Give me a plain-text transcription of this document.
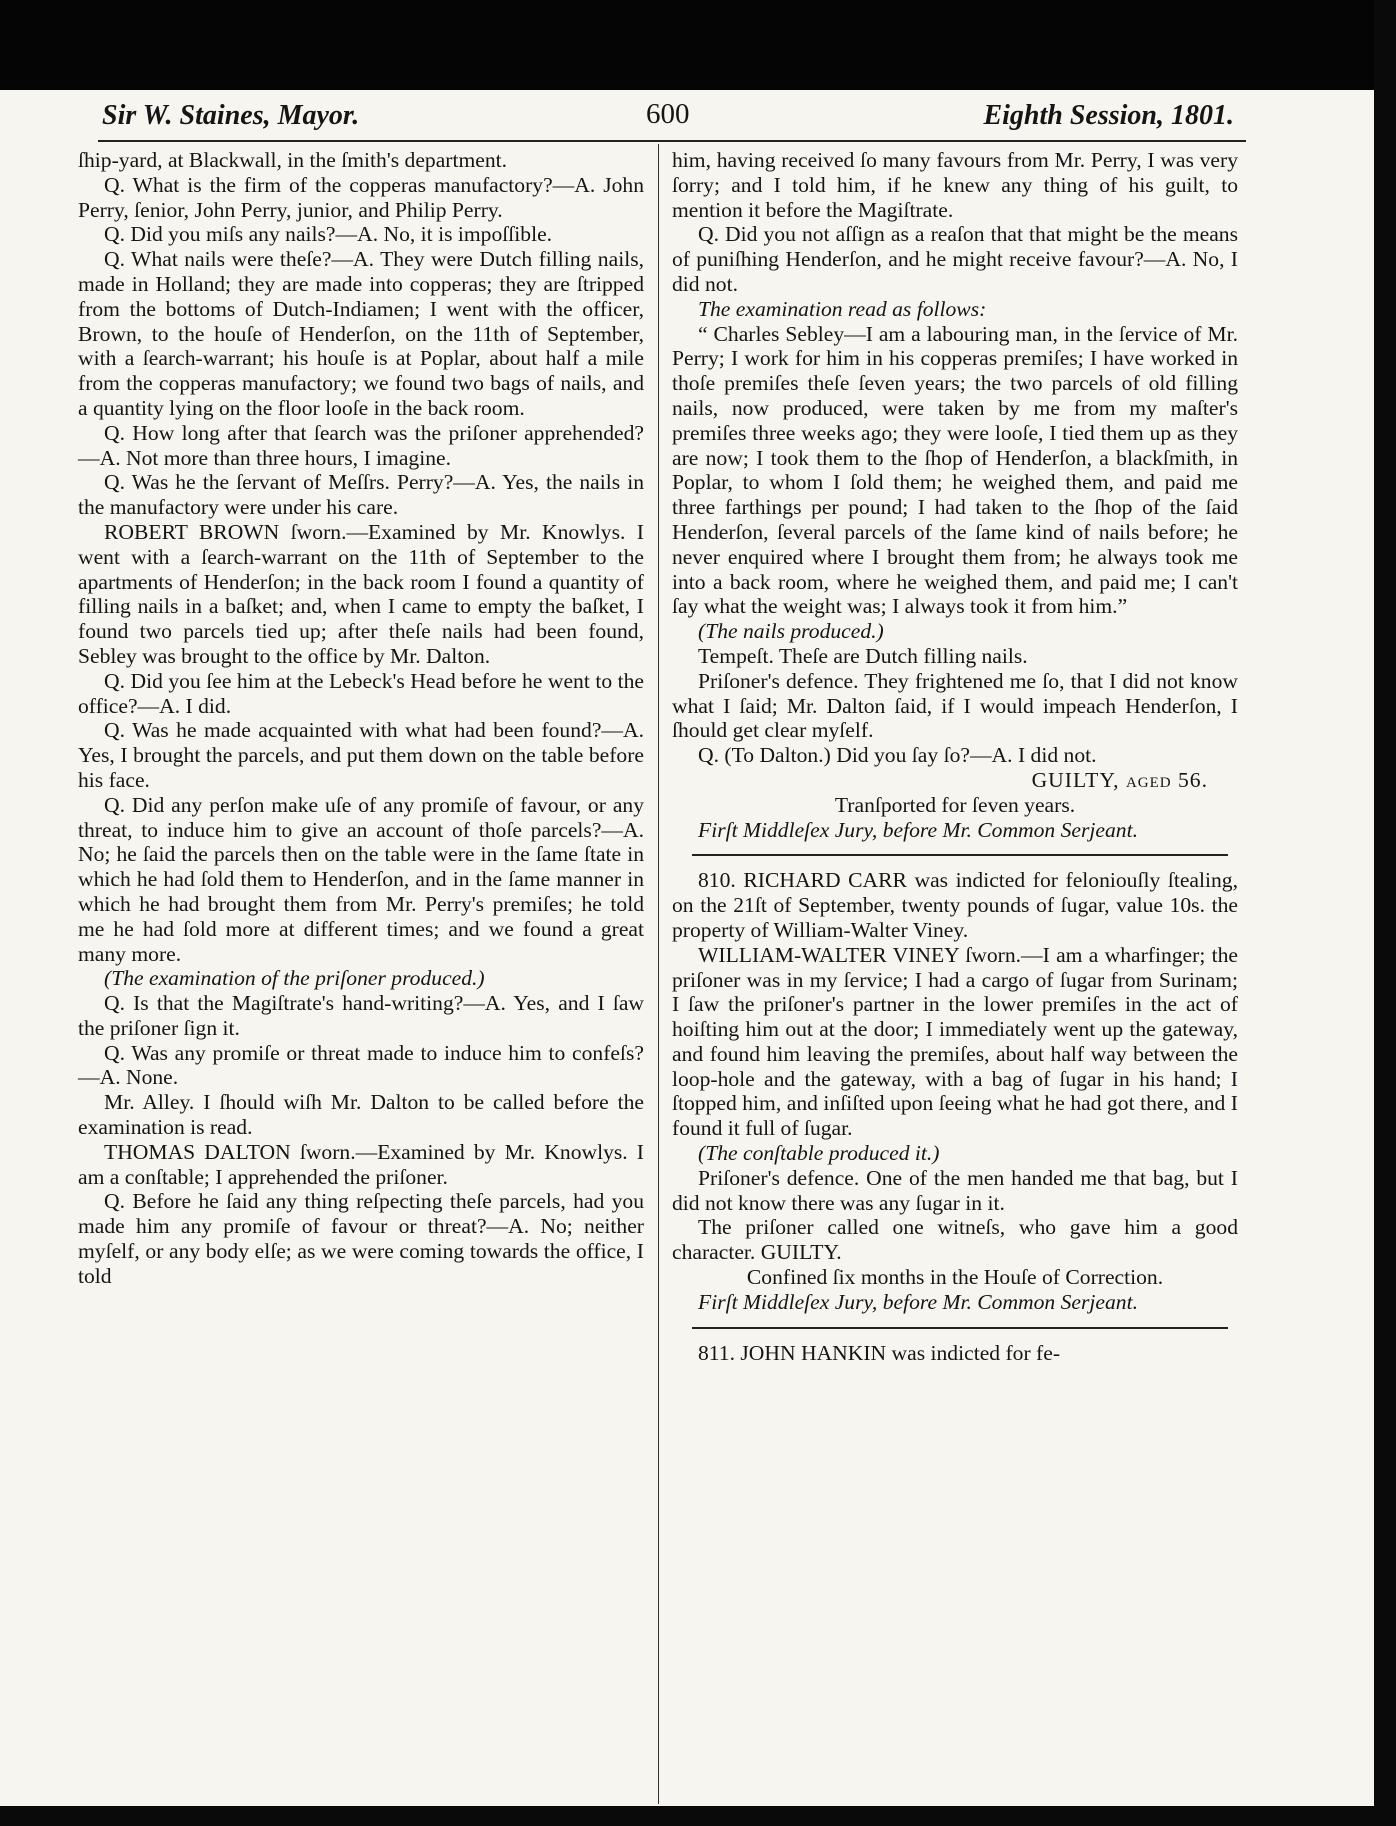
Sir W. Staines, Mayor.	600	Eighth Session, 1801.
ſhip-yard, at Blackwall, in the ſmith's department.
Q. What is the firm of the copperas manufactory?—A. John Perry, ſenior, John Perry, junior, and Philip Perry.
Q. Did you miſs any nails?—A. No, it is impoſſible.
Q. What nails were theſe?—A. They were Dutch filling nails, made in Holland; they are made into copperas; they are ſtripped from the bottoms of Dutch-Indiamen; I went with the officer, Brown, to the houſe of Henderſon, on the 11th of September, with a ſearch-warrant; his houſe is at Poplar, about half a mile from the copperas manufactory; we found two bags of nails, and a quantity lying on the floor looſe in the back room.
Q. How long after that ſearch was the priſoner apprehended?—A. Not more than three hours, I imagine.
Q. Was he the ſervant of Meſſrs. Perry?—A. Yes, the nails in the manufactory were under his care.
ROBERT BROWN ſworn.—Examined by Mr. Knowlys. I went with a ſearch-warrant on the 11th of September to the apartments of Henderſon; in the back room I found a quantity of filling nails in a baſket; and, when I came to empty the baſket, I found two parcels tied up; after theſe nails had been found, Sebley was brought to the office by Mr. Dalton.
Q. Did you ſee him at the Lebeck's Head before he went to the office?—A. I did.
Q. Was he made acquainted with what had been found?—A. Yes, I brought the parcels, and put them down on the table before his face.
Q. Did any perſon make uſe of any promiſe of favour, or any threat, to induce him to give an account of thoſe parcels?—A. No; he ſaid the parcels then on the table were in the ſame ſtate in which he had ſold them to Henderſon, and in the ſame manner in which he had brought them from Mr. Perry's premiſes; he told me he had ſold more at different times; and we found a great many more.
(The examination of the priſoner produced.)
Q. Is that the Magiſtrate's hand-writing?—A. Yes, and I ſaw the priſoner ſign it.
Q. Was any promiſe or threat made to induce him to confeſs?—A. None.
Mr. Alley. I ſhould wiſh Mr. Dalton to be called before the examination is read.
THOMAS DALTON ſworn.—Examined by Mr. Knowlys. I am a conſtable; I apprehended the priſoner.
Q. Before he ſaid any thing reſpecting theſe parcels, had you made him any promiſe of favour or threat?—A. No; neither myſelf, or any body elſe; as we were coming towards the office, I told
him, having received ſo many favours from Mr. Perry, I was very ſorry; and I told him, if he knew any thing of his guilt, to mention it before the Magiſtrate.
Q. Did you not aſſign as a reaſon that that might be the means of puniſhing Henderſon, and he might receive favour?—A. No, I did not.
The examination read as follows:
“ Charles Sebley—I am a labouring man, in the ſervice of Mr. Perry; I work for him in his copperas premiſes; I have worked in thoſe premiſes theſe ſeven years; the two parcels of old filling nails, now produced, were taken by me from my maſter's premiſes three weeks ago; they were looſe, I tied them up as they are now; I took them to the ſhop of Henderſon, a blackſmith, in Poplar, to whom I ſold them; he weighed them, and paid me three farthings per pound; I had taken to the ſhop of the ſaid Henderſon, ſeveral parcels of the ſame kind of nails before; he never enquired where I brought them from; he always took me into a back room, where he weighed them, and paid me; I can't ſay what the weight was; I always took it from him.”
(The nails produced.)
Tempeſt. Theſe are Dutch filling nails.
Priſoner's defence. They frightened me ſo, that I did not know what I ſaid; Mr. Dalton ſaid, if I would impeach Henderſon, I ſhould get clear myſelf.
Q. (To Dalton.) Did you ſay ſo?—A. I did not.
GUILTY, aged 56.
Tranſported for ſeven years.
Firſt Middleſex Jury, before Mr. Common Serjeant.
810. RICHARD CARR was indicted for feloniouſly ſtealing, on the 21ſt of September, twenty pounds of ſugar, value 10s. the property of William-Walter Viney.
WILLIAM-WALTER VINEY ſworn.—I am a wharfinger; the priſoner was in my ſervice; I had a cargo of ſugar from Surinam; I ſaw the priſoner's partner in the lower premiſes in the act of hoiſting him out at the door; I immediately went up the gateway, and found him leaving the premiſes, about half way between the loop-hole and the gateway, with a bag of ſugar in his hand; I ſtopped him, and inſiſted upon ſeeing what he had got there, and I found it full of ſugar.
(The conſtable produced it.)
Priſoner's defence. One of the men handed me that bag, but I did not know there was any ſugar in it.
The priſoner called one witneſs, who gave him a good character. GUILTY.
Confined ſix months in the Houſe of Correction.
Firſt Middleſex Jury, before Mr. Common Serjeant.
811. JOHN HANKIN was indicted for fe-
